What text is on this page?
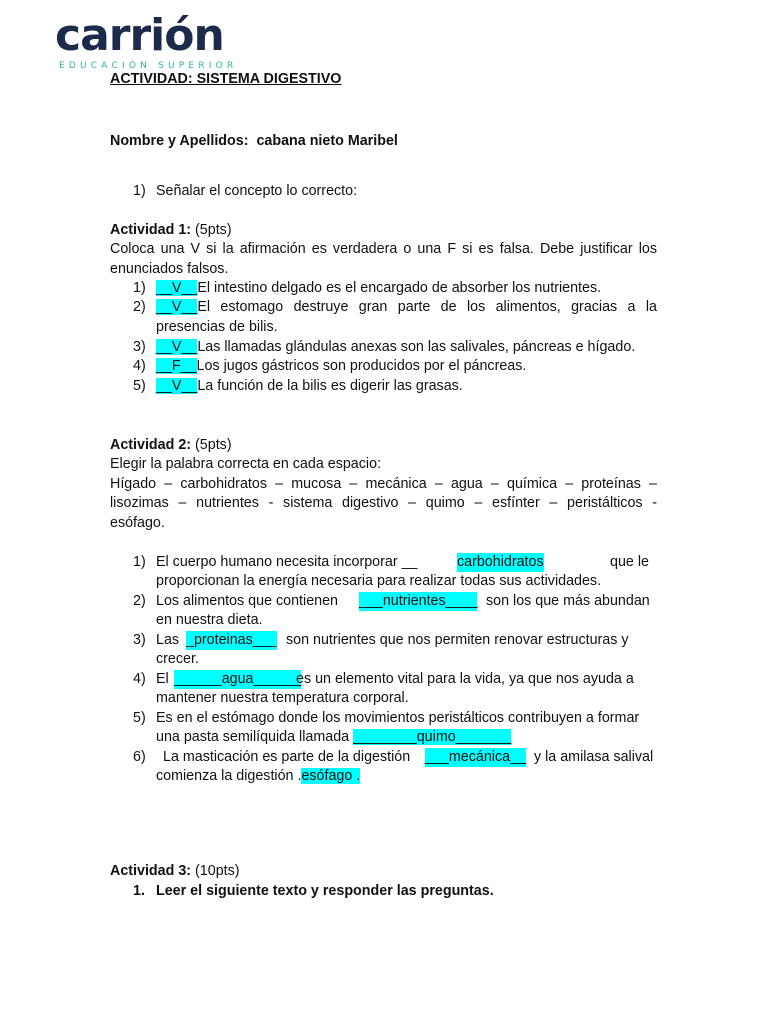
carrión
EDUCACIÓN SUPERIOR
ACTIVIDAD: SISTEMA DIGESTIVO
Nombre y Apellidos: cabana nieto Maribel
1) Señalar el concepto lo correcto:
Actividad 1: (5pts)
Coloca una V si la afirmación es verdadera o una F si es falsa. Debe justificar los
enunciados falsos.
1) __V__El intestino delgado es el encargado de absorber los nutrientes.
2) __V__El estomago destruye gran parte de los alimentos, gracias a la
presencias de bilis.
3) __V__Las llamadas glándulas anexas son las salivales, páncreas e hígado.
4) __F__Los jugos gástricos son producidos por el páncreas.
5) __V__La función de la bilis es digerir las grasas.
Actividad 2: (5pts)
Elegir la palabra correcta en cada espacio:
Hígado – carbohidratos – mucosa – mecánica – agua – química – proteínas –
lisozimas – nutrientes - sistema digestivo – quimo – esfínter – peristálticos -
esófago.
1) El cuerpo humano necesita incorporar __	carbohidratos	que le
proporcionan la energía necesaria para realizar todas sus actividades.
2) Los alimentos que contienen ___nutrientes____ son los que más abundan
en nuestra dieta.
3) Las _proteinas___ son nutrientes que nos permiten renovar estructuras y
crecer.
4) El ______agua______
es un elemento vital para la vida, ya que nos ayuda a
mantener nuestra temperatura corporal.
5) Es en el estómago donde los movimientos peristálticos contribuyen a formar
una pasta semilíquida llamada ________quimo_______
6) La masticación es parte de la digestión ___mecánica__ y la amilasa salival
comienza la digestión .esófago .
Actividad 3: (10pts)
1. Leer el siguiente texto y responder las preguntas.
